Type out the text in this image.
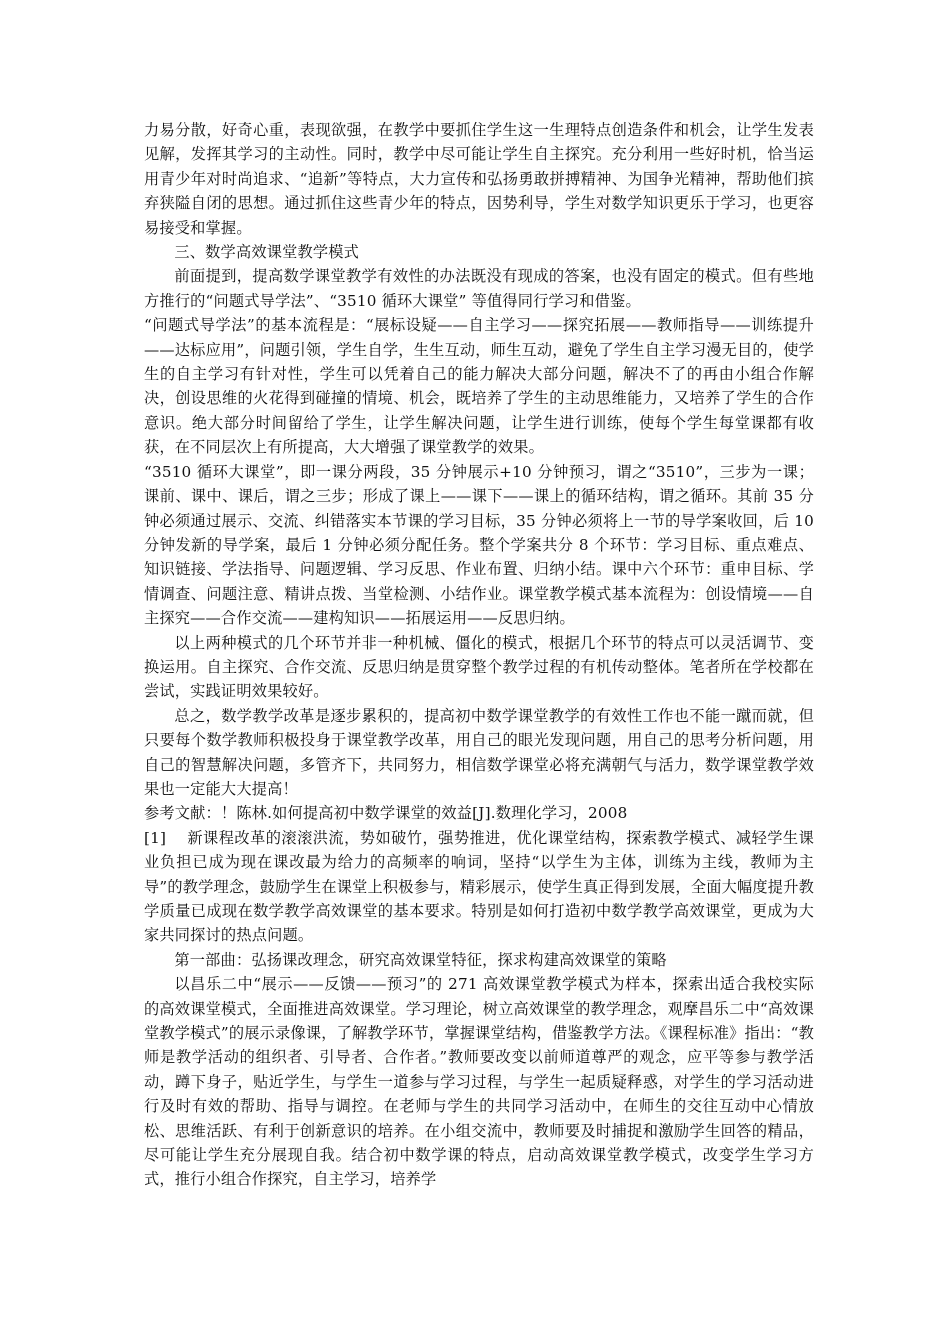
力易分散，好奇心重，表现欲强，在教学中要抓住学生这一生理特点创造条件和机会，让学生发表见解，发挥其学习的主动性。同时，教学中尽可能让学生自主探究。充分利用一些好时机，恰当运用青少年对时尚追求、“追新”等特点，大力宣传和弘扬勇敢拼搏精神、为国争光精神，帮助他们摈弃狭隘自闭的思想。通过抓住这些青少年的特点，因势利导，学生对数学知识更乐于学习，也更容易接受和掌握。

三、数学高效课堂教学模式

前面提到，提高数学课堂教学有效性的办法既没有现成的答案，也没有固定的模式。但有些地方推行的“问题式导学法”、“3510 循环大课堂” 等值得同行学习和借鉴。

“问题式导学法”的基本流程是：“展标设疑——自主学习——探究拓展——教师指导——训练提升——达标应用”，问题引领，学生自学，生生互动，师生互动，避免了学生自主学习漫无目的，使学生的自主学习有针对性，学生可以凭着自己的能力解决大部分问题，解决不了的再由小组合作解决，创设思维的火花得到碰撞的情境、机会，既培养了学生的主动思维能力，又培养了学生的合作意识。绝大部分时间留给了学生，让学生解决问题，让学生进行训练，使每个学生每堂课都有收获，在不同层次上有所提高，大大增强了课堂教学的效果。

“3510 循环大课堂”，即一课分两段，35 分钟展示+10 分钟预习，谓之“3510”，三步为一课；课前、课中、课后，谓之三步；形成了课上——课下——课上的循环结构，谓之循环。其前 35 分钟必须通过展示、交流、纠错落实本节课的学习目标，35 分钟必须将上一节的导学案收回，后 10 分钟发新的导学案，最后 1 分钟必须分配任务。整个学案共分 8 个环节：学习目标、重点难点、知识链接、学法指导、问题逻辑、学习反思、作业布置、归纳小结。课中六个环节：重申目标、学情调查、问题注意、精讲点拨、当堂检测、小结作业。课堂教学模式基本流程为：创设情境——自主探究——合作交流——建构知识——拓展运用——反思归纳。

以上两种模式的几个环节并非一种机械、僵化的模式，根据几个环节的特点可以灵活调节、变换运用。自主探究、合作交流、反思归纳是贯穿整个教学过程的有机传动整体。笔者所在学校都在尝试，实践证明效果较好。

总之，数学教学改革是逐步累积的，提高初中数学课堂教学的有效性工作也不能一蹴而就，但只要每个数学教师积极投身于课堂教学改革，用自己的眼光发现问题，用自己的思考分析问题，用自己的智慧解决问题，多管齐下，共同努力，相信数学课堂必将充满朝气与活力，数学课堂教学效果也一定能大大提高！

参考文献：！陈林.如何提高初中数学课堂的效益[J].数理化学习，2008

[1]　 新课程改革的滚滚洪流，势如破竹，强势推进，优化课堂结构，探索教学模式、减轻学生课业负担已成为现在课改最为给力的高频率的响词，坚持“以学生为主体，训练为主线，教师为主导”的教学理念，鼓励学生在课堂上积极参与，精彩展示，使学生真正得到发展，全面大幅度提升教学质量已成现在数学教学高效课堂的基本要求。特别是如何打造初中数学教学高效课堂，更成为大家共同探讨的热点问题。

第一部曲：弘扬课改理念，研究高效课堂特征，探求构建高效课堂的策略

以昌乐二中“展示——反馈——预习”的 271 高效课堂教学模式为样本，探索出适合我校实际的高效课堂模式，全面推进高效课堂。学习理论，树立高效课堂的教学理念，观摩昌乐二中“高效课堂教学模式”的展示录像课，了解教学环节，掌握课堂结构，借鉴教学方法。《课程标准》指出：“教师是教学活动的组织者、引导者、合作者。”教师要改变以前师道尊严的观念，应平等参与教学活动，蹲下身子，贴近学生，与学生一道参与学习过程，与学生一起质疑释惑，对学生的学习活动进行及时有效的帮助、指导与调控。在老师与学生的共同学习活动中，在师生的交往互动中心情放松、思维活跃、有利于创新意识的培养。在小组交流中，教师要及时捕捉和激励学生回答的精品，尽可能让学生充分展现自我。结合初中数学课的特点，启动高效课堂教学模式，改变学生学习方式，推行小组合作探究，自主学习，培养学
